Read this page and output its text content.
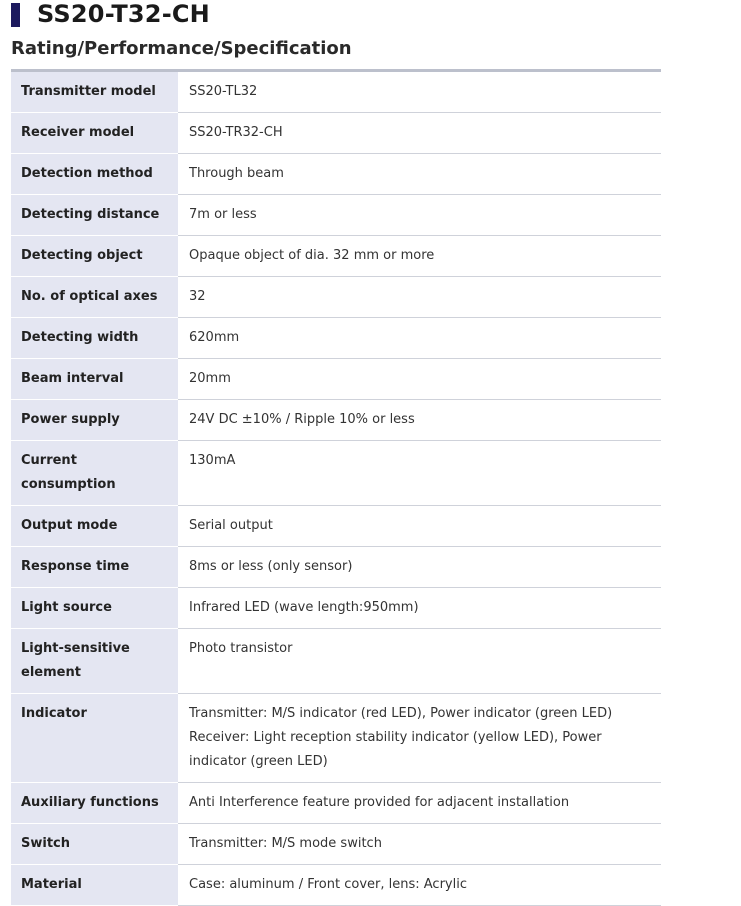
SS20-T32-CH
Rating/Performance/Specification
Transmitter model	SS20-TL32

Receiver model	SS20-TR32-CH

Detection method	Through beam

Detecting distance	7m or less

Detecting object	Opaque object of dia. 32 mm or more

No. of optical axes	32

Detecting width	620mm

Beam interval	20mm

Power supply	24V DC ±10% / Ripple 10% or less

Current consumption	130mA

Output mode	Serial output

Response time	8ms or less (only sensor)

Light source	Infrared LED (wave length:950mm)

Light-sensitive element	Photo transistor

Indicator	Transmitter: M/S indicator (red LED), Power indicator (green LED)
Receiver: Light reception stability indicator (yellow LED), Power indicator (green LED)

Auxiliary functions	Anti Interference feature provided for adjacent installation

Switch	Transmitter: M/S mode switch

Material	Case: aluminum / Front cover, lens: Acrylic
